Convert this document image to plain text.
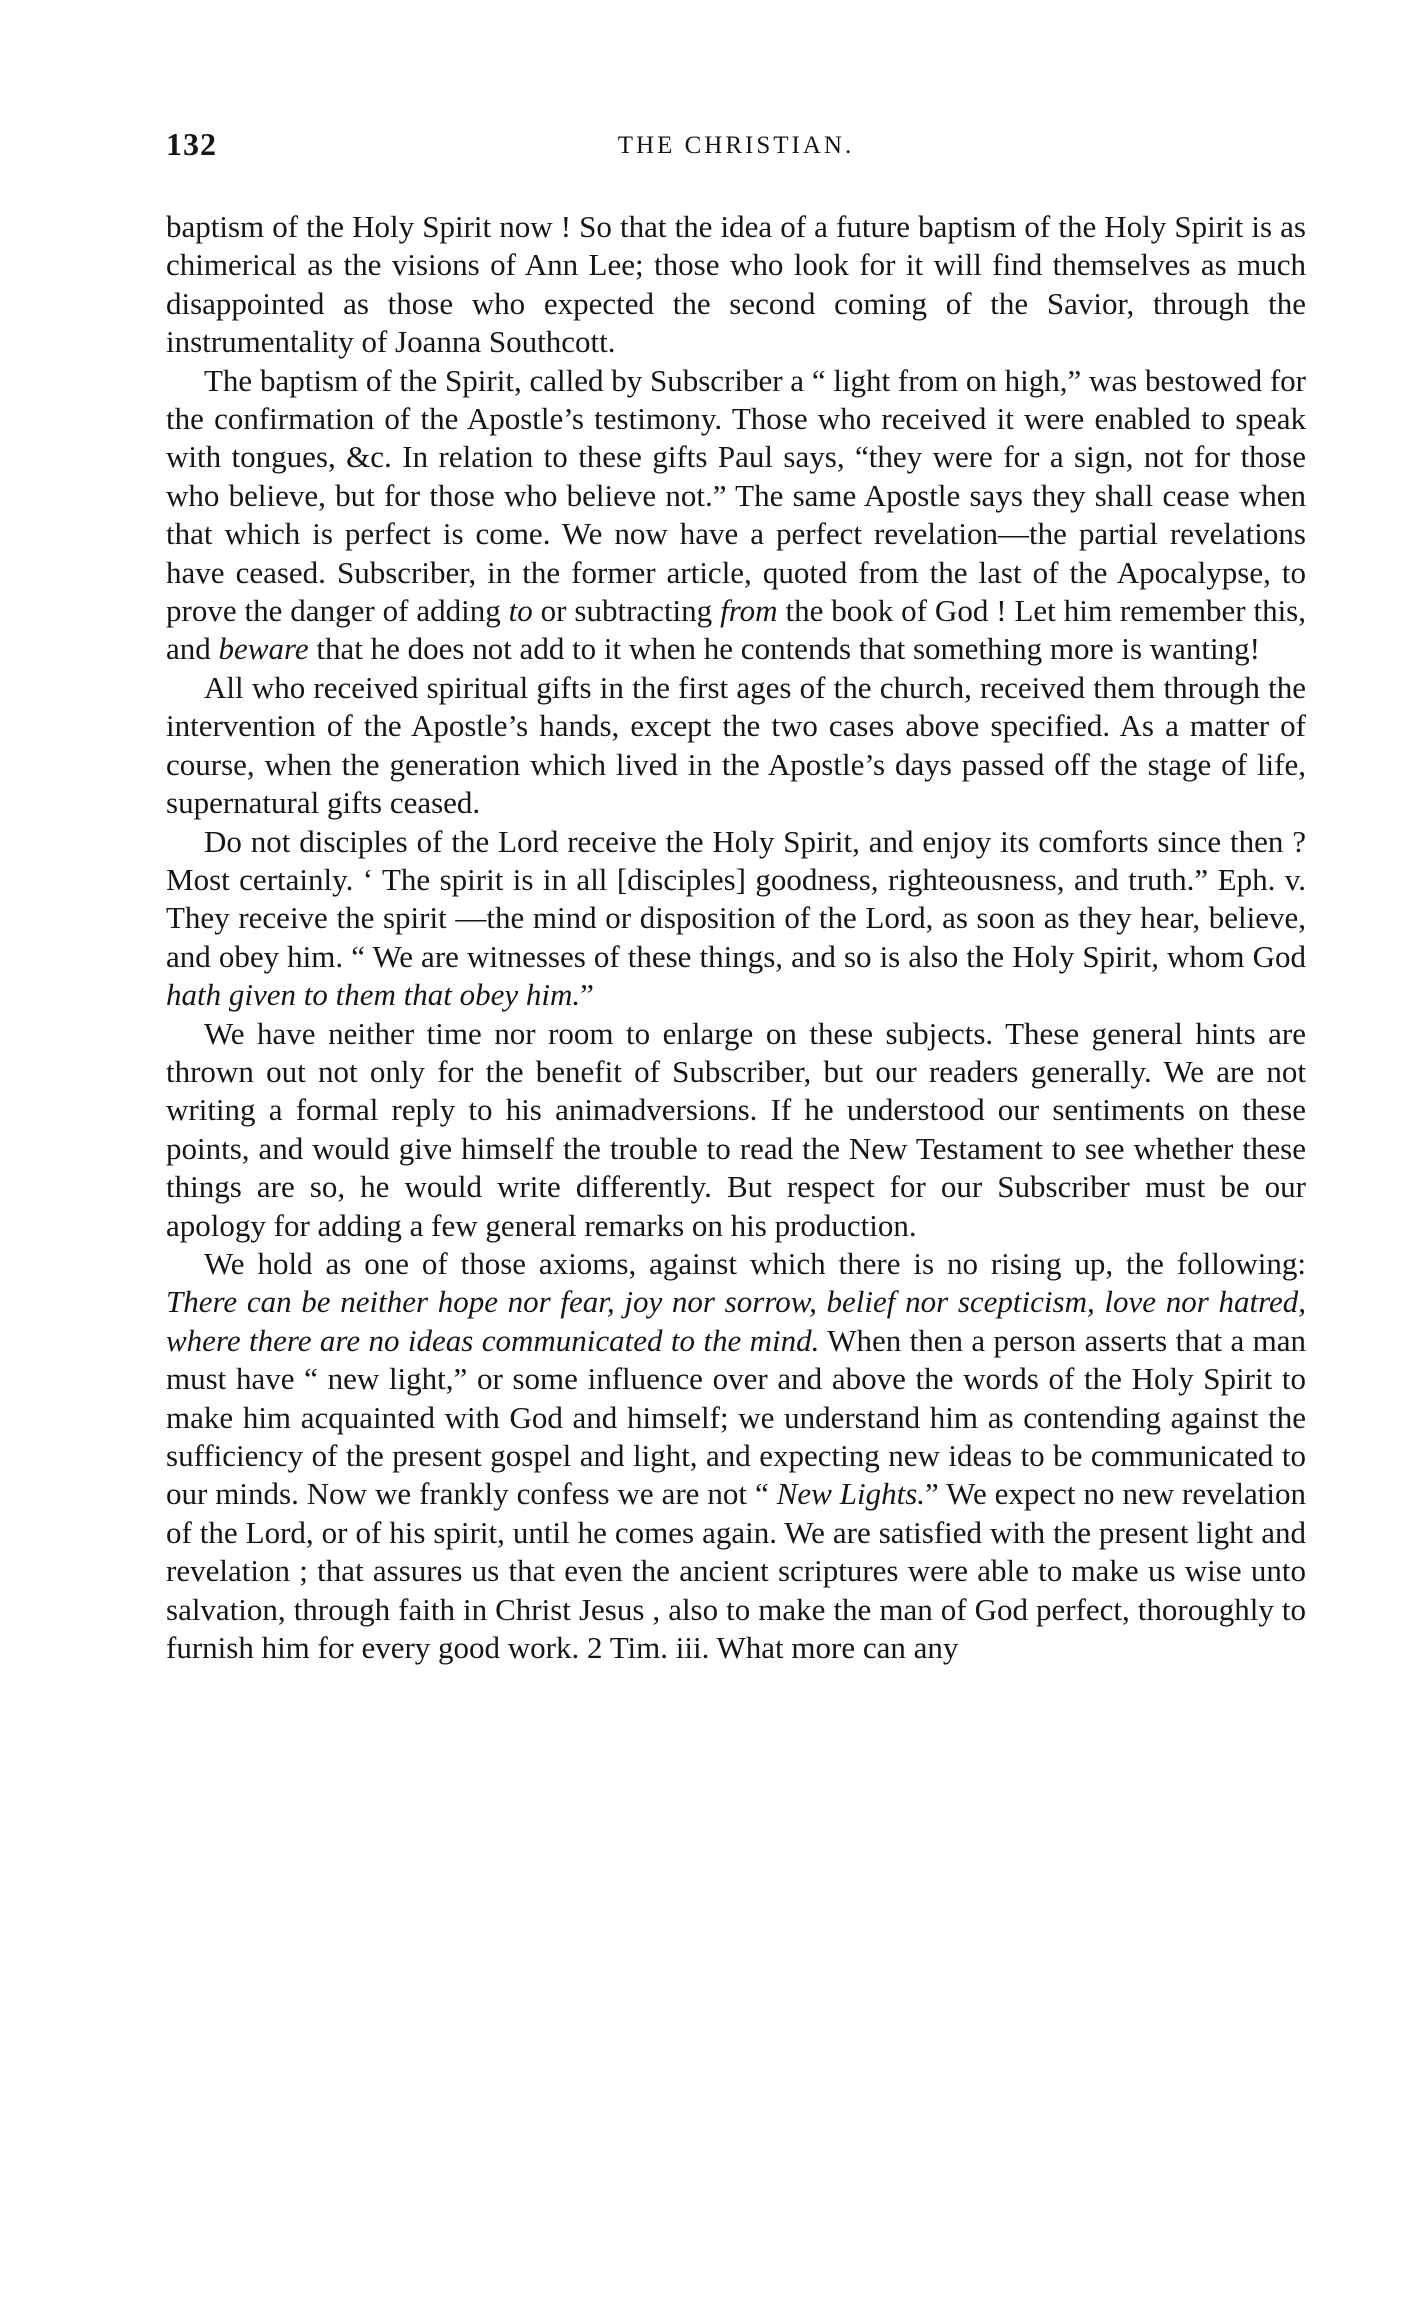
132	THE CHRISTIAN.

baptism of the Holy Spirit now ! So that the idea of a future baptism of the Holy Spirit is as chimerical as the visions of Ann Lee; those who look for it will find themselves as much disappointed as those who expected the second coming of the Savior, through the instrumentality of Joanna Southcott.

The baptism of the Spirit, called by Subscriber a “ light from on high,” was bestowed for the confirmation of the Apostle’s testimony. Those who received it were enabled to speak with tongues, &c. In relation to these gifts Paul says, “they were for a sign, not for those who believe, but for those who believe not.” The same Apostle says they shall cease when that which is perfect is come. We now have a perfect revelation—the partial revelations have ceased. Subscriber, in the former article, quoted from the last of the Apocalypse, to prove the danger of adding to or subtracting from the book of God ! Let him remember this, and beware that he does not add to it when he contends that something more is wanting!

All who received spiritual gifts in the first ages of the church, received them through the intervention of the Apostle’s hands, except the two cases above specified. As a matter of course, when the generation which lived in the Apostle’s days passed off the stage of life, supernatural gifts ceased.

Do not disciples of the Lord receive the Holy Spirit, and enjoy its comforts since then ? Most certainly. ‘ The spirit is in all [disciples] goodness, righteousness, and truth.” Eph. v. They receive the spirit —the mind or disposition of the Lord, as soon as they hear, believe, and obey him. “ We are witnesses of these things, and so is also the Holy Spirit, whom God hath given to them that obey him.”

We have neither time nor room to enlarge on these subjects. These general hints are thrown out not only for the benefit of Subscriber, but our readers generally. We are not writing a formal reply to his animadversions. If he understood our sentiments on these points, and would give himself the trouble to read the New Testament to see whether these things are so, he would write differently. But respect for our Subscriber must be our apology for adding a few general remarks on his production.

We hold as one of those axioms, against which there is no rising up, the following: There can be neither hope nor fear, joy nor sorrow, belief nor scepticism, love nor hatred, where there are no ideas communicated to the mind. When then a person asserts that a man must have “ new light,” or some influence over and above the words of the Holy Spirit to make him acquainted with God and himself; we understand him as contending against the sufficiency of the present gospel and light, and expecting new ideas to be communicated to our minds. Now we frankly confess we are not “ New Lights.” We expect no new revelation of the Lord, or of his spirit, until he comes again. We are satisfied with the present light and revelation ; that assures us that even the ancient scriptures were able to make us wise unto salvation, through faith in Christ Jesus , also to make the man of God perfect, thoroughly to furnish him for every good work. 2 Tim. iii. What more can any
